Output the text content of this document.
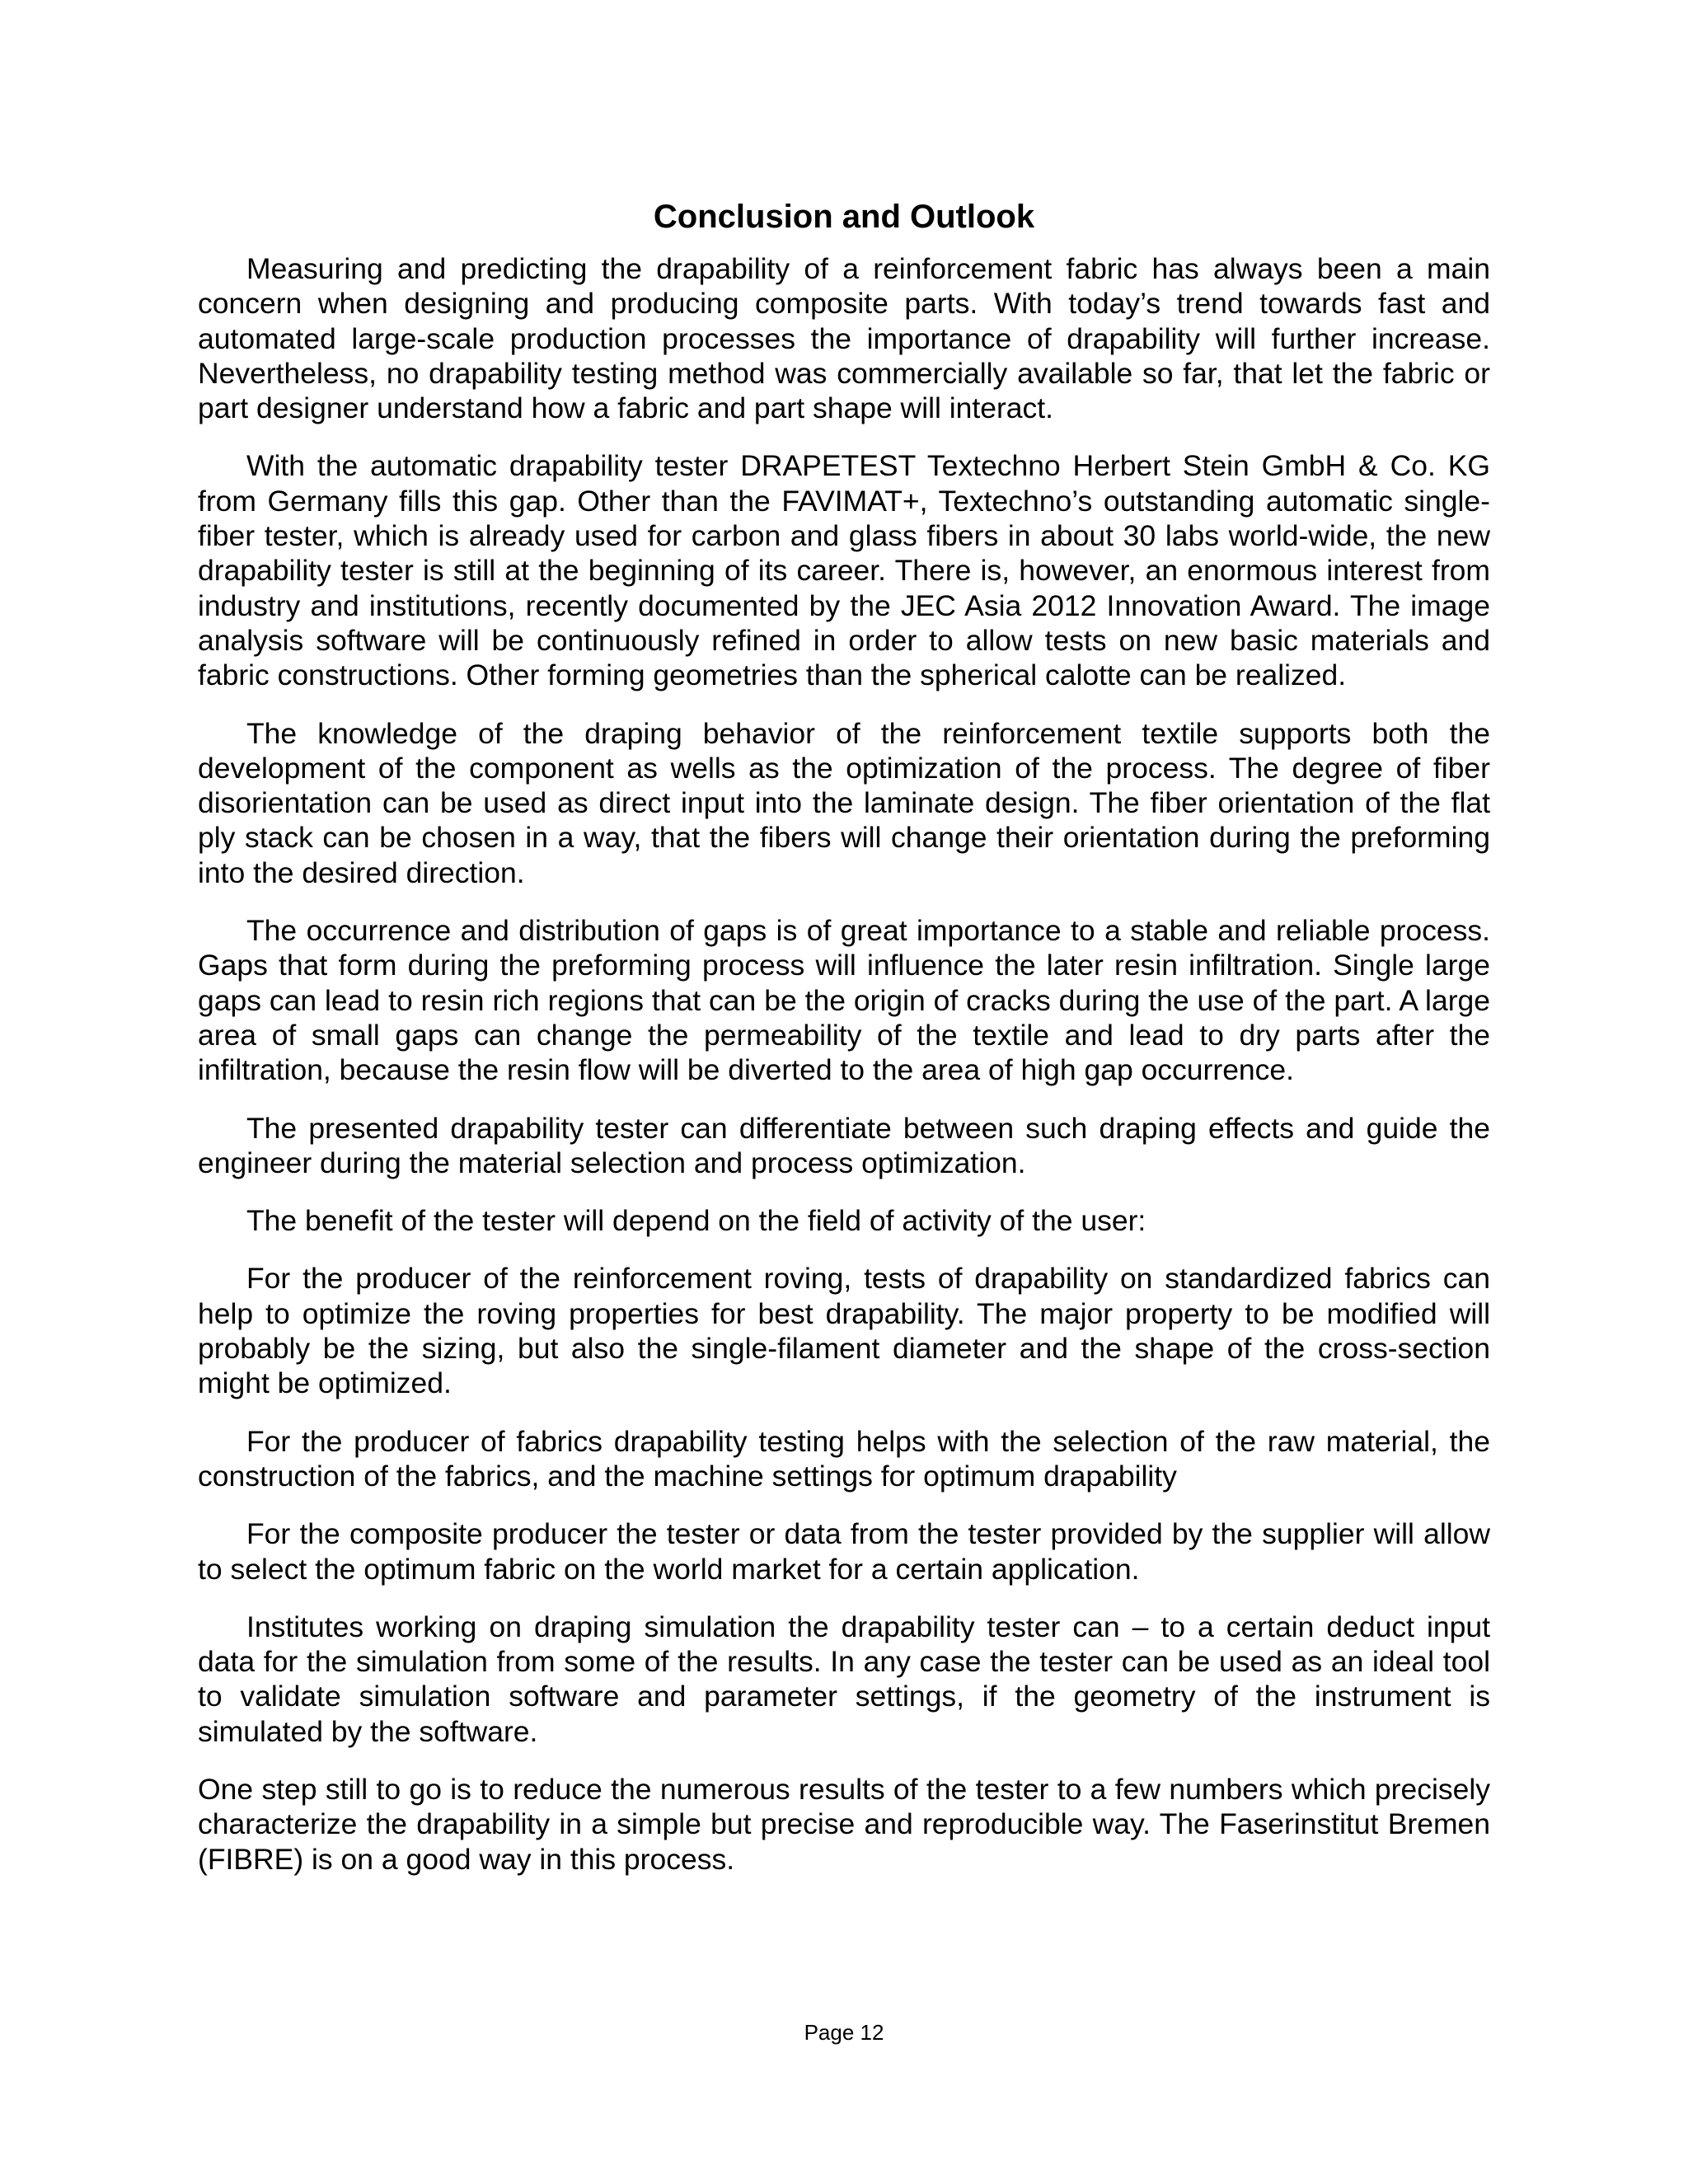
Conclusion and Outlook

Measuring and predicting the drapability of a reinforcement fabric has always been a main concern when designing and producing composite parts. With today’s trend towards fast and automated large-scale production processes the importance of drapability will further increase. Nevertheless, no drapability testing method was commercially available so far, that let the fabric or part designer understand how a fabric and part shape will interact.

With the automatic drapability tester DRAPETEST Textechno Herbert Stein GmbH & Co. KG from Germany fills this gap. Other than the FAVIMAT+, Textechno’s outstanding automatic single-fiber tester, which is already used for carbon and glass fibers in about 30 labs world-wide, the new drapability tester is still at the beginning of its career. There is, however, an enormous interest from industry and institutions, recently documented by the JEC Asia 2012 Innovation Award. The image analysis software will be continuously refined in order to allow tests on new basic materials and fabric constructions. Other forming geometries than the spherical calotte can be realized.

The knowledge of the draping behavior of the reinforcement textile supports both the development of the component as wells as the optimization of the process. The degree of fiber disorientation can be used as direct input into the laminate design. The fiber orientation of the flat ply stack can be chosen in a way, that the fibers will change their orientation during the preforming into the desired direction.

The occurrence and distribution of gaps is of great importance to a stable and reliable process. Gaps that form during the preforming process will influence the later resin infiltration. Single large gaps can lead to resin rich regions that can be the origin of cracks during the use of the part. A large area of small gaps can change the permeability of the textile and lead to dry parts after the infiltration, because the resin flow will be diverted to the area of high gap occurrence.

The presented drapability tester can differentiate between such draping effects and guide the engineer during the material selection and process optimization.

The benefit of the tester will depend on the field of activity of the user:

For the producer of the reinforcement roving, tests of drapability on standardized fabrics can help to optimize the roving properties for best drapability. The major property to be modified will probably be the sizing, but also the single-filament diameter and the shape of the cross-section might be optimized.

For the producer of fabrics drapability testing helps with the selection of the raw material, the construction of the fabrics, and the machine settings for optimum drapability

For the composite producer the tester or data from the tester provided by the supplier will allow to select the optimum fabric on the world market for a certain application.

Institutes working on draping simulation the drapability tester can – to a certain deduct input data for the simulation from some of the results. In any case the tester can be used as an ideal tool to validate simulation software and parameter settings, if the geometry of the instrument is simulated by the software.

One step still to go is to reduce the numerous results of the tester to a few numbers which precisely characterize the drapability in a simple but precise and reproducible way. The Faserinstitut Bremen (FIBRE) is on a good way in this process.

Page 12
